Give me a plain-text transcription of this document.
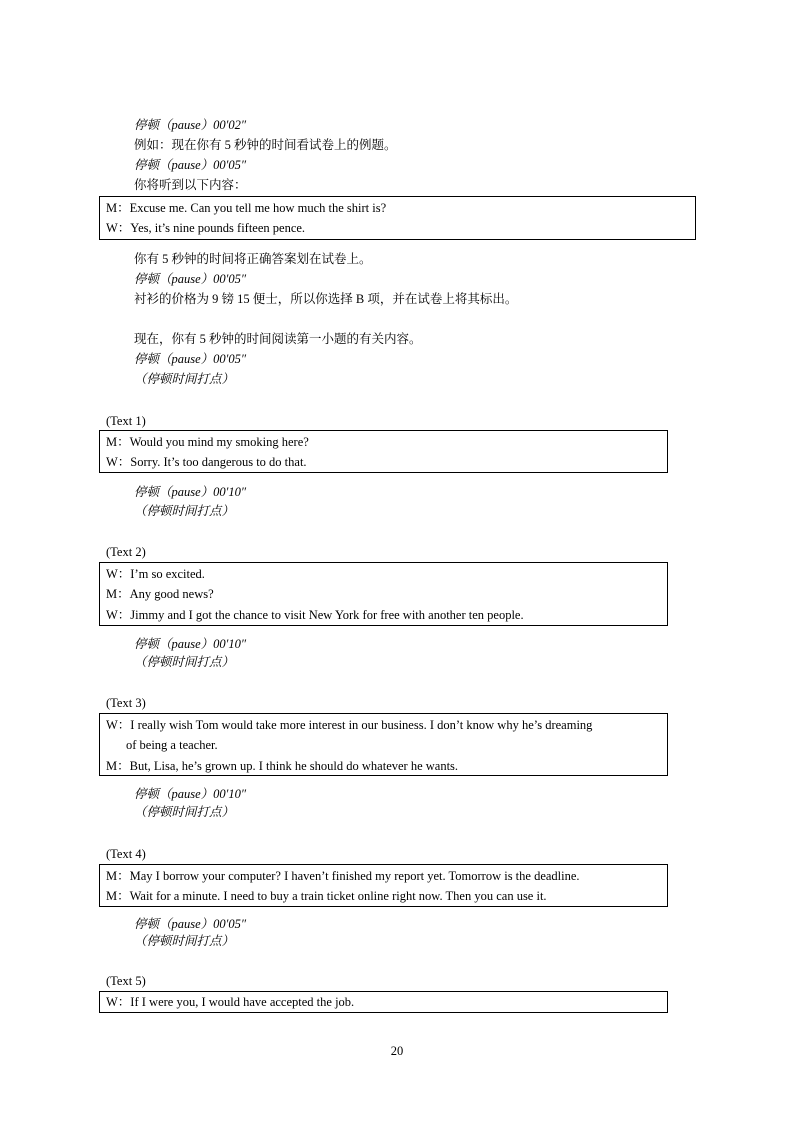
停顿（pause）00′02″
例如：现在你有 5 秒钟的时间看试卷上的例题。
停顿（pause）00′05″
你将听到以下内容：
M：Excuse me. Can you tell me how much the shirt is?
W：Yes, it’s nine pounds fifteen pence.
你有 5 秒钟的时间将正确答案划在试卷上。
停顿（pause）00′05″
衬衫的价格为 9 镑 15 便士，所以你选择 B 项，并在试卷上将其标出。
现在，你有 5 秒钟的时间阅读第一小题的有关内容。
停顿（pause）00′05″
（停顿时间打点）
(Text 1)
M：Would you mind my smoking here?
W：Sorry. It’s too dangerous to do that.
停顿（pause）00′10″
（停顿时间打点）
(Text 2)
W：I’m so excited.
M：Any good news?
W：Jimmy and I got the chance to visit New York for free with another ten people.
停顿（pause）00′10″
（停顿时间打点）
(Text 3)
W：I really wish Tom would take more interest in our business. I don’t know why he’s dreaming
of being a teacher.
M：But, Lisa, he’s grown up. I think he should do whatever he wants.
停顿（pause）00′10″
（停顿时间打点）
(Text 4)
M：May I borrow your computer? I haven’t finished my report yet. Tomorrow is the deadline.
M：Wait for a minute. I need to buy a train ticket online right now. Then you can use it.
停顿（pause）00′05″
（停顿时间打点）
(Text 5)
W：If I were you, I would have accepted the job.
20
